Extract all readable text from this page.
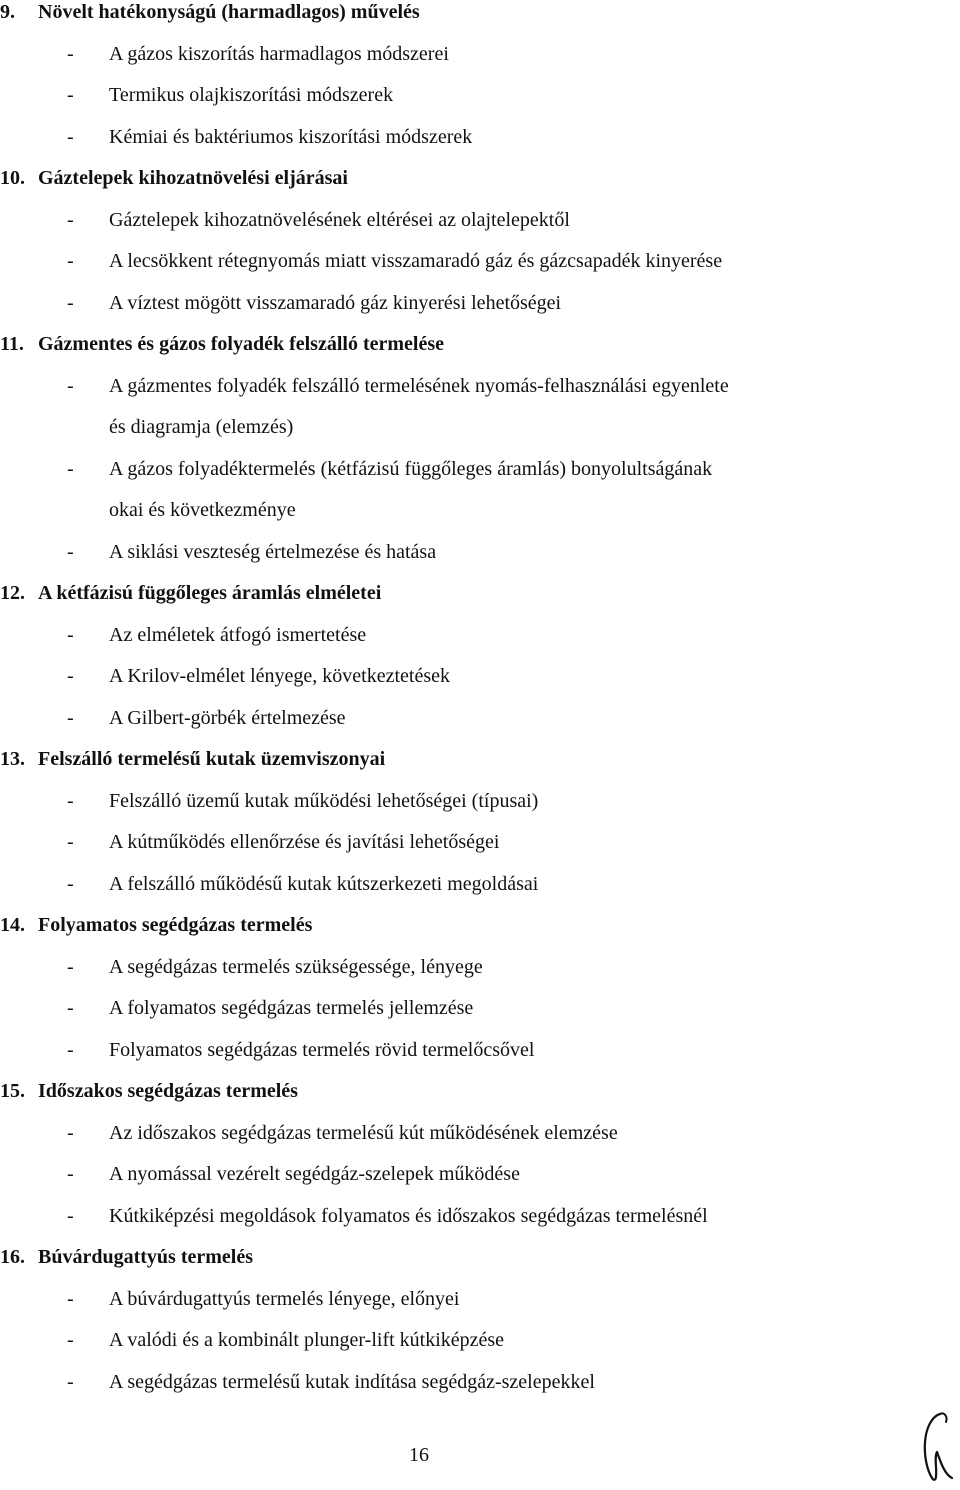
9. Növelt hatékonyságú (harmadlagos) művelés
-	A gázos kiszorítás harmadlagos módszerei
-	Termikus olajkiszorítási módszerek
-	Kémiai és baktériumos kiszorítási módszerek
10. Gáztelepek kihozatnövelési eljárásai
-	Gáztelepek kihozatnövelésének eltérései az olajtelepektől
-	A lecsökkent rétegnyomás miatt visszamaradó gáz és gázcsapadék kinyerése
-	A víztest mögött visszamaradó gáz kinyerési lehetőségei
11. Gázmentes és gázos folyadék felszálló termelése
-	A gázmentes folyadék felszálló termelésének nyomás-felhasználási egyenlete
és diagramja (elemzés)
-	A gázos folyadéktermelés (kétfázisú függőleges áramlás) bonyolultságának
okai és következménye
-	A siklási veszteség értelmezése és hatása
12. A kétfázisú függőleges áramlás elméletei
-	Az elméletek átfogó ismertetése
-	A Krilov-elmélet lényege, következtetések
-	A Gilbert-görbék értelmezése
13. Felszálló termelésű kutak üzemviszonyai
-	Felszálló üzemű kutak működési lehetőségei (típusai)
-	A kútműködés ellenőrzése és javítási lehetőségei
-	A felszálló működésű kutak kútszerkezeti megoldásai
14. Folyamatos segédgázas termelés
-	A segédgázas termelés szükségessége, lényege
-	A folyamatos segédgázas termelés jellemzése
-	Folyamatos segédgázas termelés rövid termelőcsővel
15. Időszakos segédgázas termelés
-	Az időszakos segédgázas termelésű kút működésének elemzése
-	A nyomással vezérelt segédgáz-szelepek működése
-	Kútkiképzési megoldások folyamatos és időszakos segédgázas termelésnél
16. Búvárdugattyús termelés
-	A búvárdugattyús termelés lényege, előnyei
-	A valódi és a kombinált plunger-lift kútkiképzése
-	A segédgázas termelésű kutak indítása segédgáz-szelepekkel
16
